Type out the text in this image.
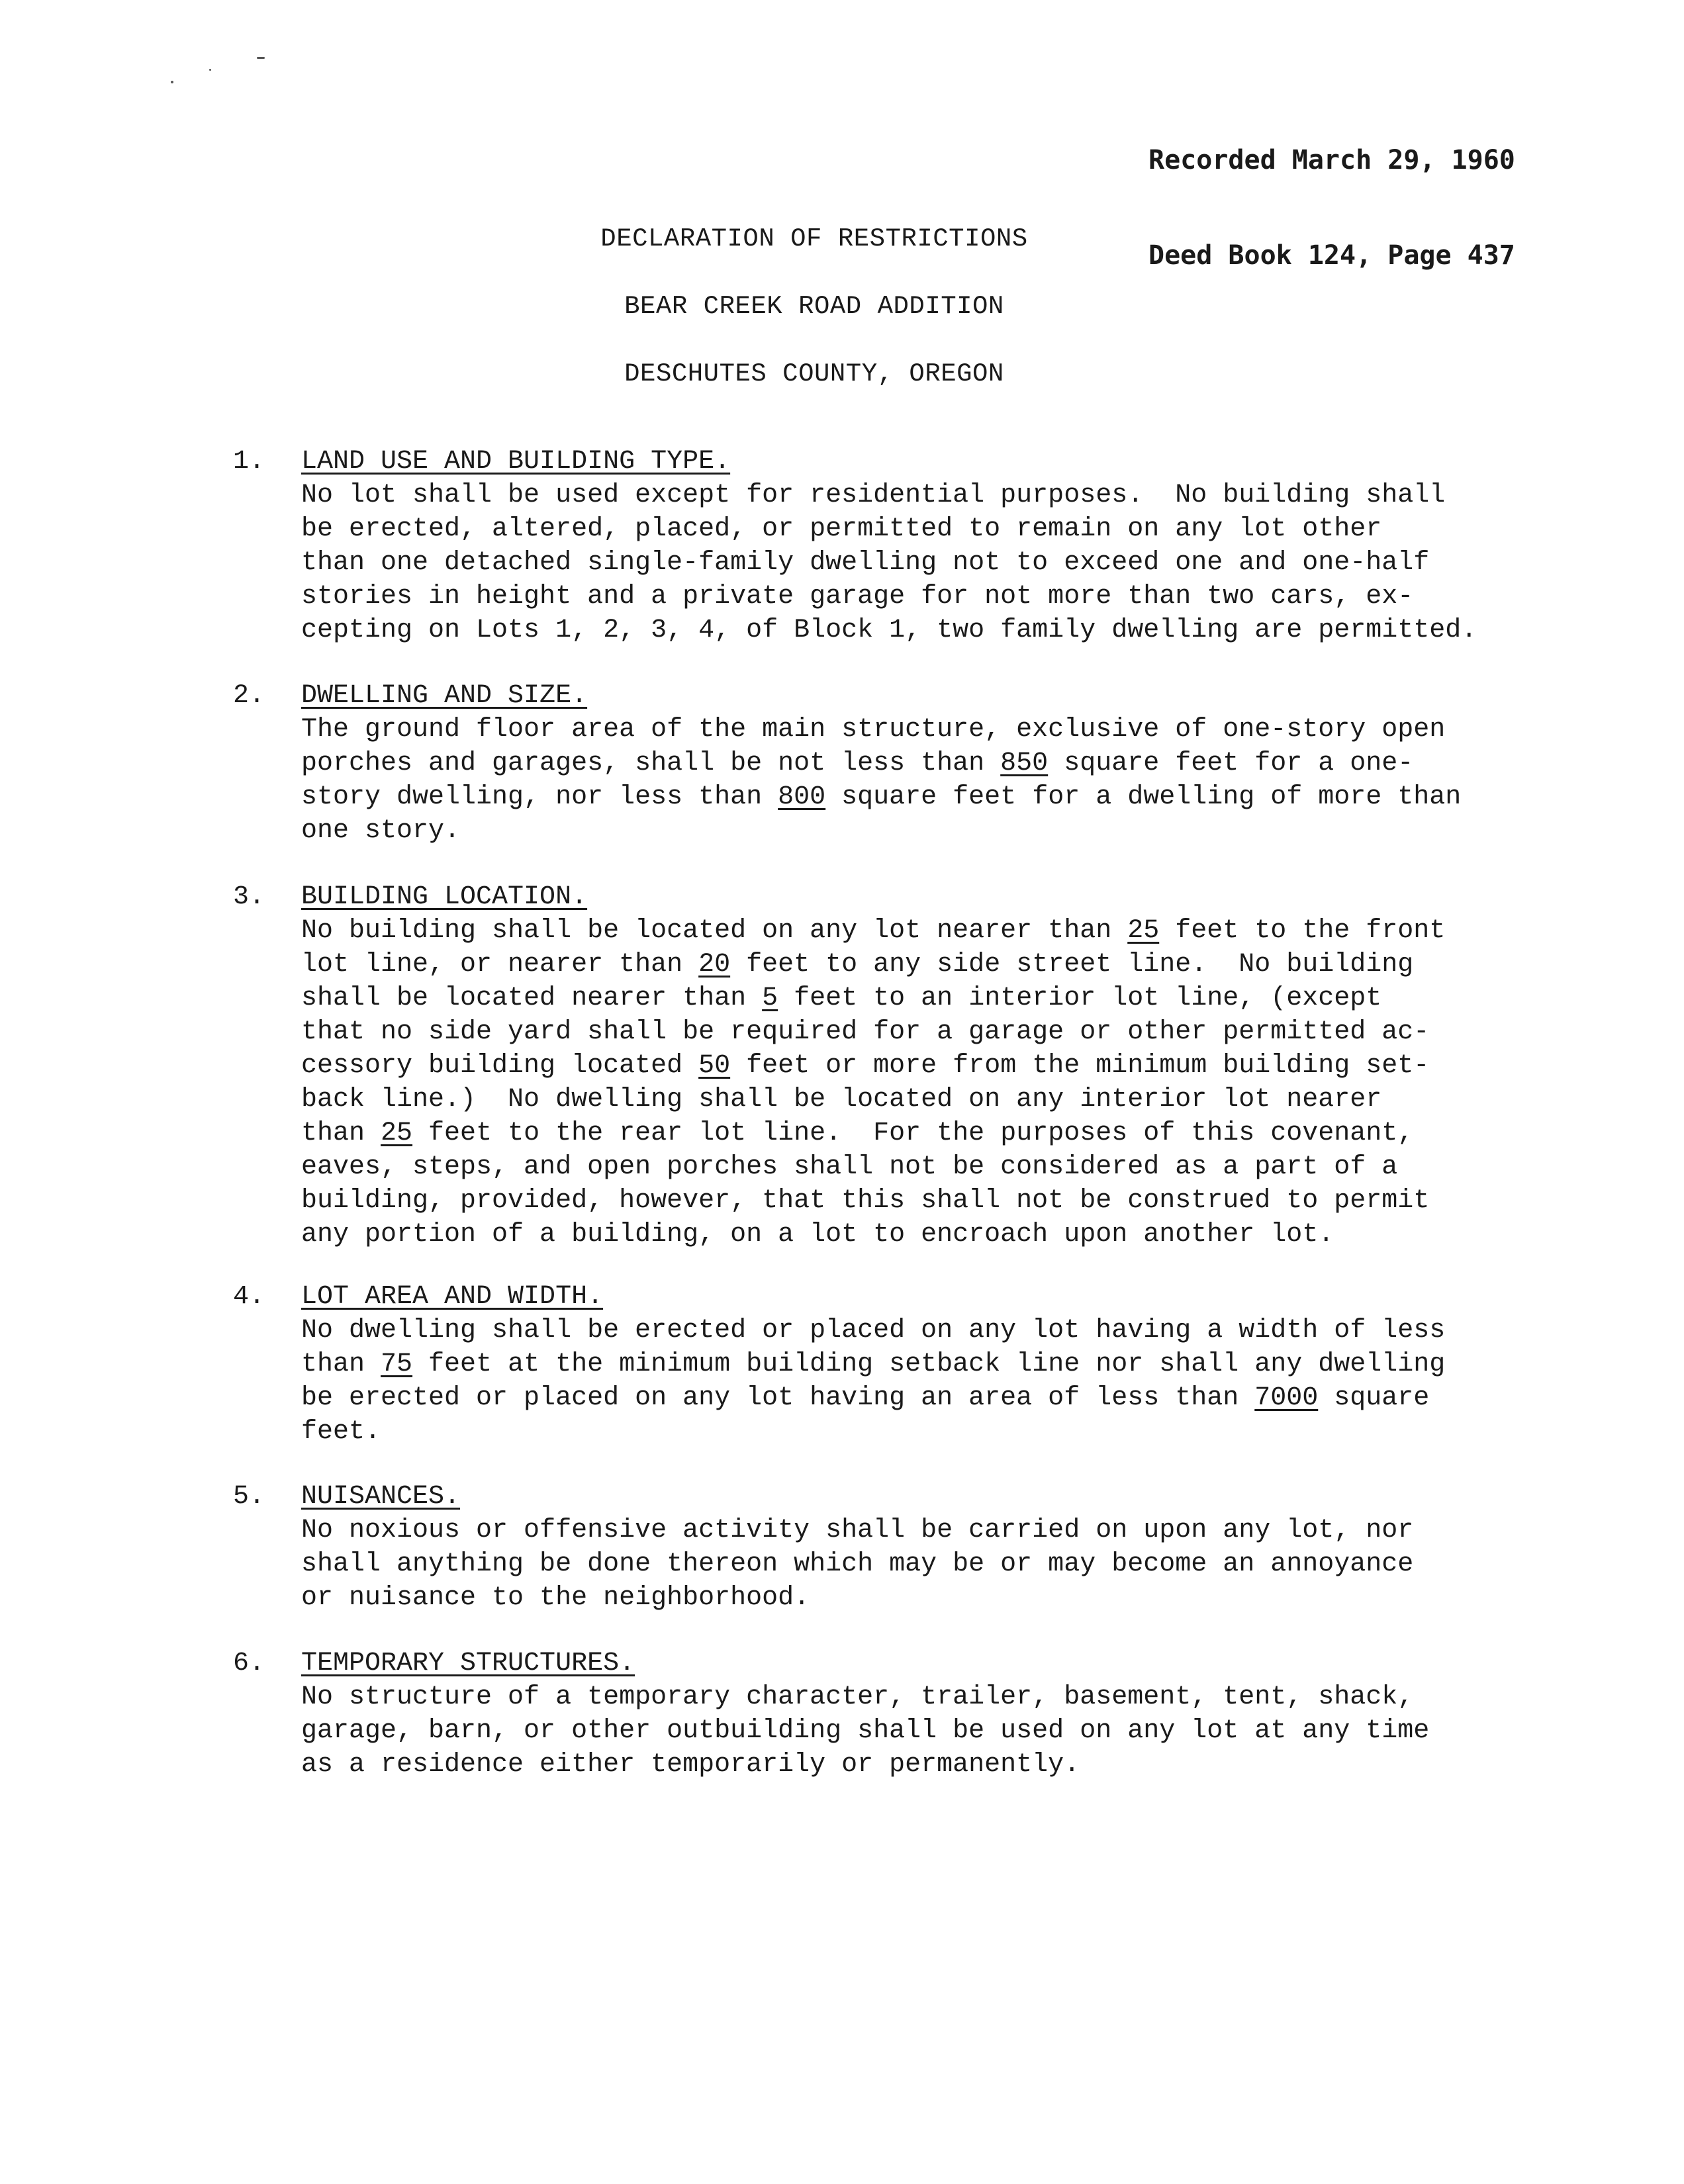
Recorded March 29, 1960

Deed Book 124, Page 437

DECLARATION OF RESTRICTIONS
BEAR CREEK ROAD ADDITION
DESCHUTES COUNTY, OREGON
1. LAND USE AND BUILDING TYPE.
No lot shall be used except for residential purposes.  No building shall
be erected, altered, placed, or permitted to remain on any lot other
than one detached single-family dwelling not to exceed one and one-half
stories in height and a private garage for not more than two cars, ex-
cepting on Lots 1, 2, 3, 4, of Block 1, two family dwelling are permitted.
2. DWELLING AND SIZE.
The ground floor area of the main structure, exclusive of one-story open
porches and garages, shall be not less than 850 square feet for a one-
story dwelling, nor less than 800 square feet for a dwelling of more than
one story.
3. BUILDING LOCATION.
No building shall be located on any lot nearer than 25 feet to the front
lot line, or nearer than 20 feet to any side street line.  No building
shall be located nearer than 5 feet to an interior lot line, (except
that no side yard shall be required for a garage or other permitted ac-
cessory building located 50 feet or more from the minimum building set-
back line.)  No dwelling shall be located on any interior lot nearer
than 25 feet to the rear lot line.  For the purposes of this covenant,
eaves, steps, and open porches shall not be considered as a part of a
building, provided, however, that this shall not be construed to permit
any portion of a building, on a lot to encroach upon another lot.
4. LOT AREA AND WIDTH.
No dwelling shall be erected or placed on any lot having a width of less
than 75 feet at the minimum building setback line nor shall any dwelling
be erected or placed on any lot having an area of less than 7000 square
feet.
5. NUISANCES.
No noxious or offensive activity shall be carried on upon any lot, nor
shall anything be done thereon which may be or may become an annoyance
or nuisance to the neighborhood.
6. TEMPORARY STRUCTURES.
No structure of a temporary character, trailer, basement, tent, shack,
garage, barn, or other outbuilding shall be used on any lot at any time
as a residence either temporarily or permanently.
